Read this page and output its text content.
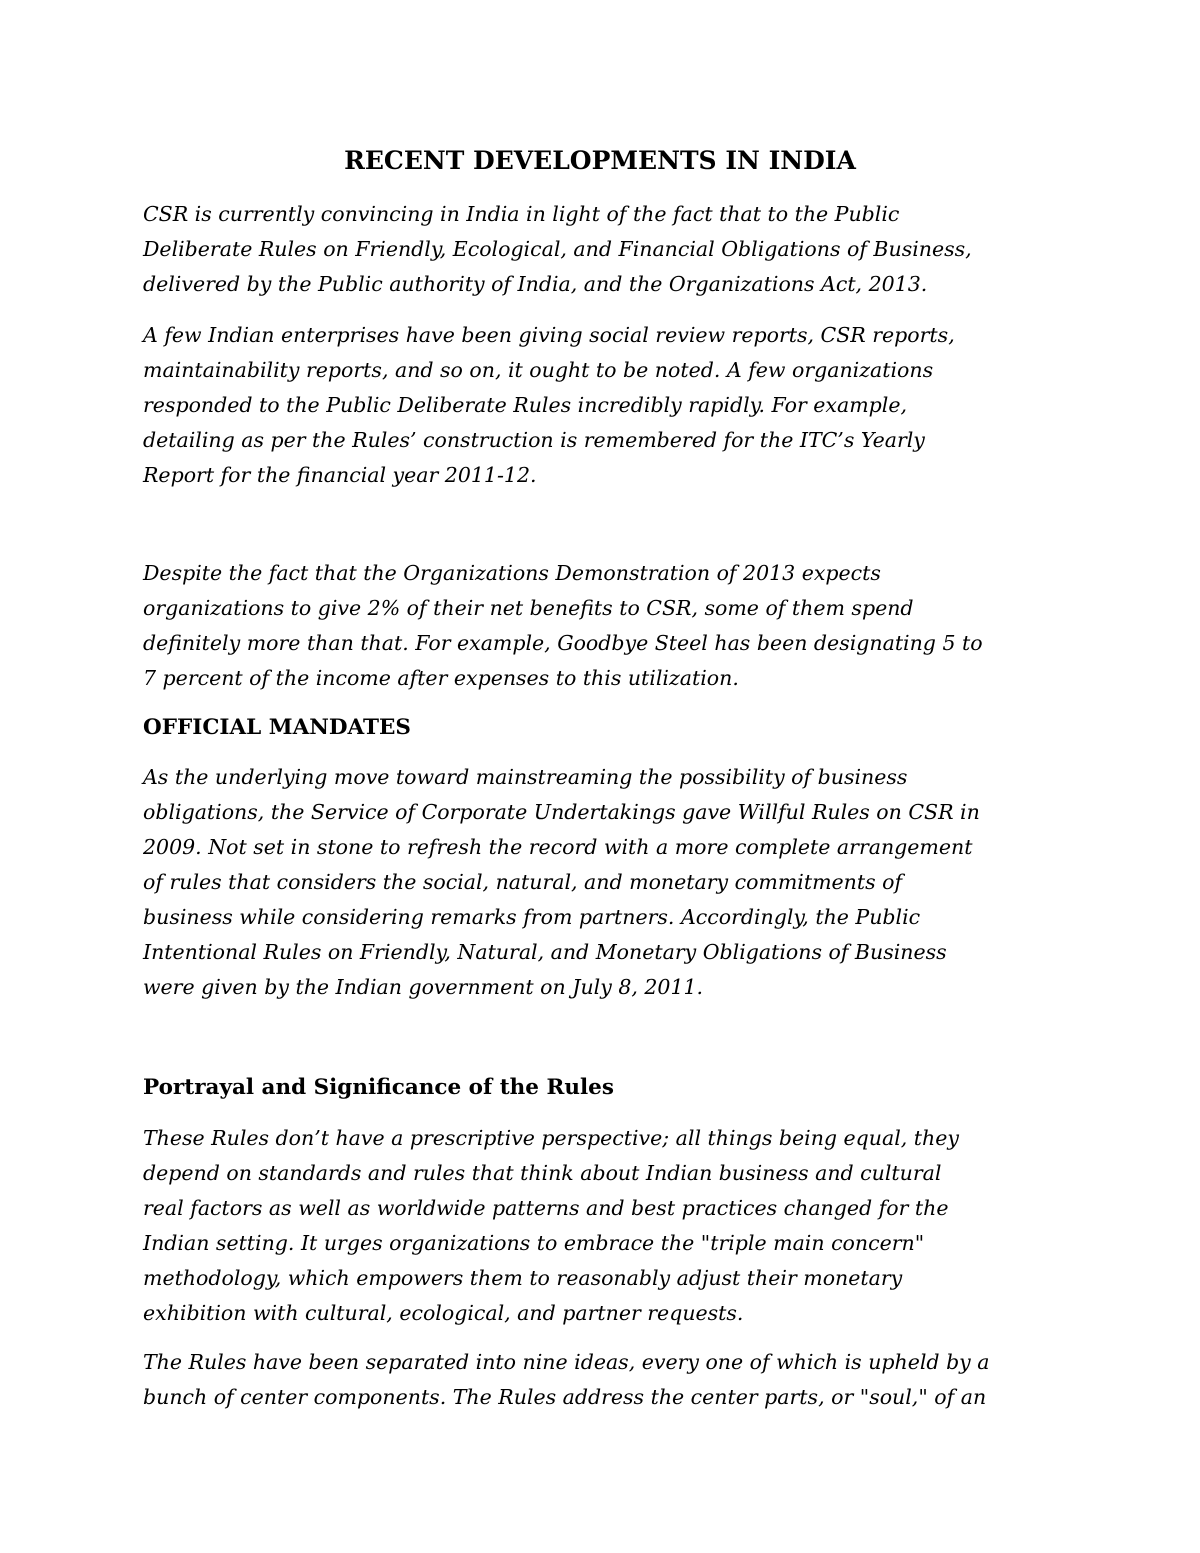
RECENT DEVELOPMENTS IN INDIA

CSR is currently convincing in India in light of the fact that to the Public
Deliberate Rules on Friendly, Ecological, and Financial Obligations of Business,
delivered by the Public authority of India, and the Organizations Act, 2013.

A few Indian enterprises have been giving social review reports, CSR reports,
maintainability reports, and so on, it ought to be noted. A few organizations
responded to the Public Deliberate Rules incredibly rapidly. For example,
detailing as per the Rules’ construction is remembered for the ITC’s Yearly
Report for the financial year 2011-12.

Despite the fact that the Organizations Demonstration of 2013 expects
organizations to give 2% of their net benefits to CSR, some of them spend
definitely more than that. For example, Goodbye Steel has been designating 5 to
7 percent of the income after expenses to this utilization.

OFFICIAL MANDATES

As the underlying move toward mainstreaming the possibility of business
obligations, the Service of Corporate Undertakings gave Willful Rules on CSR in
2009. Not set in stone to refresh the record with a more complete arrangement
of rules that considers the social, natural, and monetary commitments of
business while considering remarks from partners. Accordingly, the Public
Intentional Rules on Friendly, Natural, and Monetary Obligations of Business
were given by the Indian government on July 8, 2011.

Portrayal and Significance of the Rules

These Rules don’t have a prescriptive perspective; all things being equal, they
depend on standards and rules that think about Indian business and cultural
real factors as well as worldwide patterns and best practices changed for the
Indian setting. It urges organizations to embrace the "triple main concern"
methodology, which empowers them to reasonably adjust their monetary
exhibition with cultural, ecological, and partner requests.

The Rules have been separated into nine ideas, every one of which is upheld by a
bunch of center components. The Rules address the center parts, or "soul," of an
